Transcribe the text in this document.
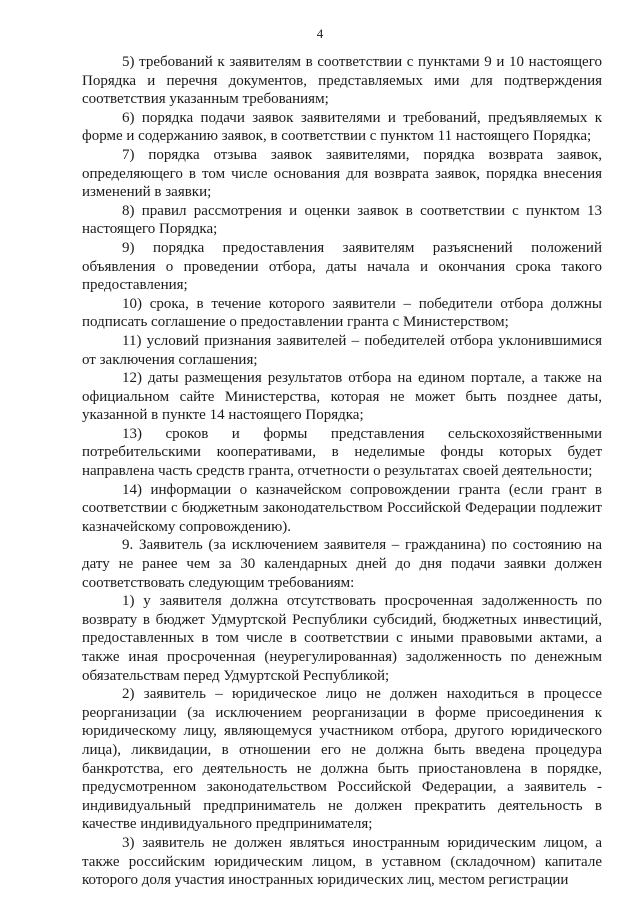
4

5) требований к заявителям в соответствии с пунктами 9 и 10 настоящего Порядка и перечня документов, представляемых ими для подтверждения соответствия указанным требованиям;

6) порядка подачи заявок заявителями и требований, предъявляемых к форме и содержанию заявок, в соответствии с пунктом 11 настоящего Порядка;

7) порядка отзыва заявок заявителями, порядка возврата заявок, определяющего в том числе основания для возврата заявок, порядка внесения изменений в заявки;

8) правил рассмотрения и оценки заявок в соответствии с пунктом 13 настоящего Порядка;

9) порядка предоставления заявителям разъяснений положений объявления о проведении отбора, даты начала и окончания срока такого предоставления;

10) срока, в течение которого заявители – победители отбора должны подписать соглашение о предоставлении гранта с Министерством;

11) условий признания заявителей – победителей отбора уклонившимися от заключения соглашения;

12) даты размещения результатов отбора на едином портале, а также на официальном сайте Министерства, которая не может быть позднее даты, указанной в пункте 14 настоящего Порядка;

13) сроков и формы представления сельскохозяйственными потребительскими кооперативами, в неделимые фонды которых будет направлена часть средств гранта, отчетности о результатах своей деятельности;

14) информации о казначейском сопровождении гранта (если грант в соответствии с бюджетным законодательством Российской Федерации подлежит казначейскому сопровождению).

9. Заявитель (за исключением заявителя – гражданина) по состоянию на дату не ранее чем за 30 календарных дней до дня подачи заявки должен соответствовать следующим требованиям:

1) у заявителя должна отсутствовать просроченная задолженность по возврату в бюджет Удмуртской Республики субсидий, бюджетных инвестиций, предоставленных в том числе в соответствии с иными правовыми актами, а также иная просроченная (неурегулированная) задолженность по денежным обязательствам перед Удмуртской Республикой;

2) заявитель – юридическое лицо не должен находиться в процессе реорганизации (за исключением реорганизации в форме присоединения к юридическому лицу, являющемуся участником отбора, другого юридического лица), ликвидации, в отношении его не должна быть введена процедура банкротства, его деятельность не должна быть приостановлена в порядке, предусмотренном законодательством Российской Федерации, а заявитель - индивидуальный предприниматель не должен прекратить деятельность в качестве индивидуального предпринимателя;

3) заявитель не должен являться иностранным юридическим лицом, а также российским юридическим лицом, в уставном (складочном) капитале которого доля участия иностранных юридических лиц, местом регистрации
